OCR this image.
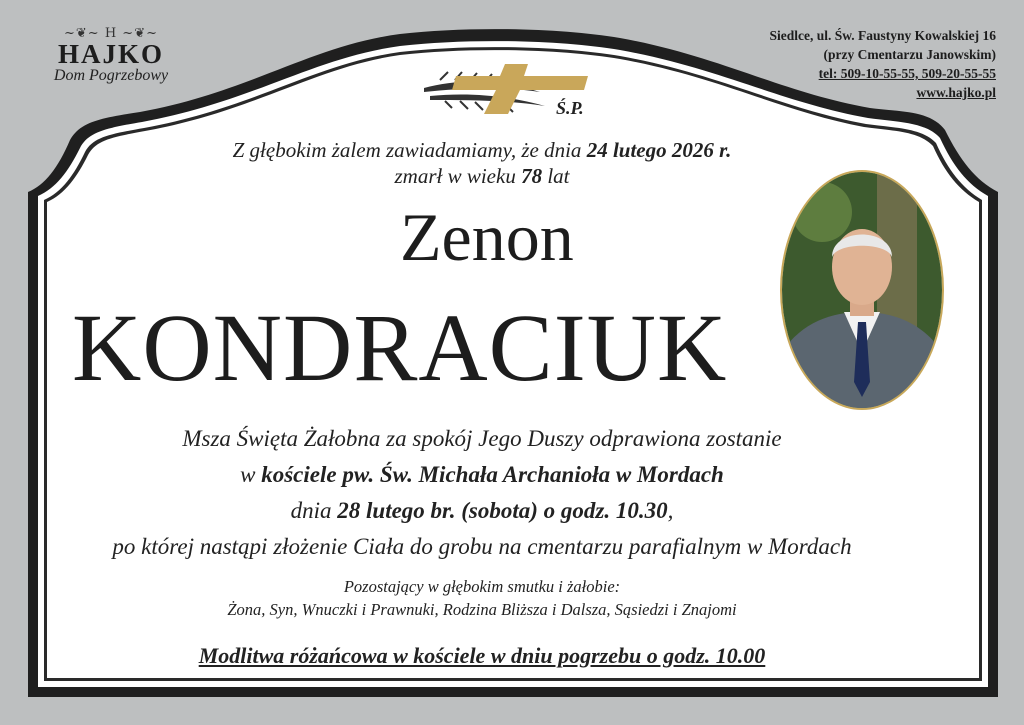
Ś.P.
~❦~ H ~❦~
HAJKO
Dom Pogrzebowy
Siedlce, ul. Św. Faustyny Kowalskiej 16
(przy Cmentarzu Janowskim)
tel: 509-10-55-55, 509-20-55-55
www.hajko.pl
Z głębokim żalem zawiadamiamy, że dnia 24 lutego 2026 r.
zmarł w wieku 78 lat
Zenon
KONDRACIUK
Msza Święta Żałobna za spokój Jego Duszy odprawiona zostanie
w kościele pw. Św. Michała Archanioła w Mordach
dnia 28 lutego br. (sobota) o godz. 10.30,
po której nastąpi złożenie Ciała do grobu na cmentarzu parafialnym w Mordach
Pozostający w głębokim smutku i żałobie:
Żona, Syn, Wnuczki i Prawnuki, Rodzina Bliższa i Dalsza, Sąsiedzi i Znajomi
Modlitwa różańcowa w kościele w dniu pogrzebu o godz. 10.00
